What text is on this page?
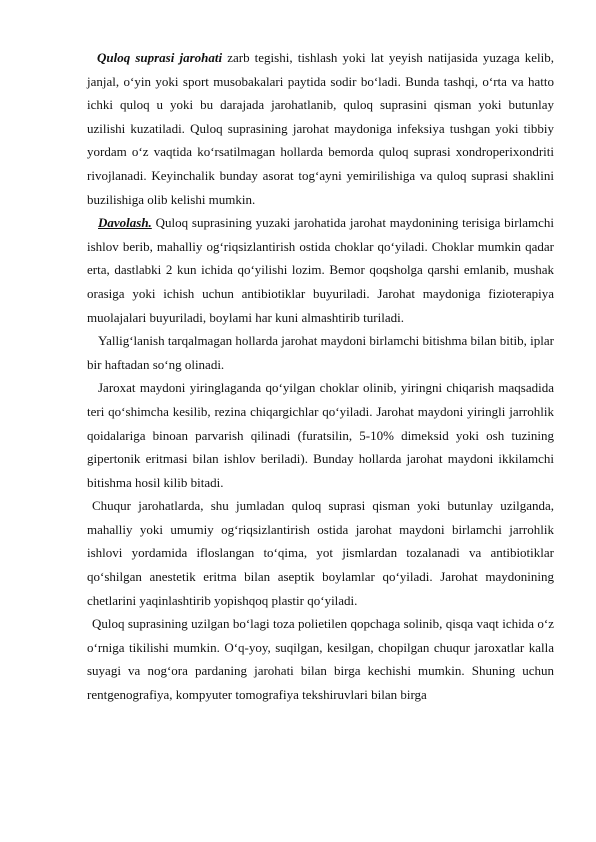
Quloq suprasi jarohati zarb tegishi, tishlash yoki lat yeyish natijasida yuzaga kelib, janjal, o‘yin yoki sport musobakalari paytida sodir bo‘ladi. Bunda tashqi, o‘rta va hatto ichki quloq u yoki bu darajada jarohatlanib, quloq suprasini qisman yoki butunlay uzilishi kuzatiladi. Quloq suprasining jarohat maydoniga infeksiya tushgan yoki tibbiy yordam o‘z vaqtida ko‘rsatilmagan hollarda bemorda quloq suprasi xondroperixondriti rivojlanadi. Keyinchalik bunday asorat tog‘ayni yemirilishiga va quloq suprasi shaklini buzilishiga olib kelishi mumkin.

Davolash. Quloq suprasining yuzaki jarohatida jarohat maydonining terisiga birlamchi ishlov berib, mahalliy og‘riqsizlantirish ostida choklar qo‘yiladi. Choklar mumkin qadar erta, dastlabki 2 kun ichida qo‘yilishi lozim. Bemor qoqsholga qarshi emlanib, mushak orasiga yoki ichish uchun antibiotiklar buyuriladi. Jarohat maydoniga fizioterapiya muolajalari buyuriladi, boylami har kuni almashtirib turiladi.

Yallig‘lanish tarqalmagan hollarda jarohat maydoni birlamchi bitishma bilan bitib, iplar bir haftadan so‘ng olinadi.

Jaroxat maydoni yiringlaganda qo‘yilgan choklar olinib, yiringni chiqarish maqsadida teri qo‘shimcha kesilib, rezina chiqargichlar qo‘yiladi. Jarohat maydoni yiringli jarrohlik qoidalariga binoan parvarish qilinadi (furatsilin, 5-10% dimeksid yoki osh tuzining gipertonik eritmasi bilan ishlov beriladi). Bunday hollarda jarohat maydoni ikkilamchi bitishma hosil kilib bitadi.

Chuqur jarohatlarda, shu jumladan quloq suprasi qisman yoki butunlay uzilganda, mahalliy yoki umumiy og‘riqsizlantirish ostida jarohat maydoni birlamchi jarrohlik ishlovi yordamida ifloslangan to‘qima, yot jismlardan tozalanadi va antibiotiklar qo‘shilgan anestetik eritma bilan aseptik boylamlar qo‘yiladi. Jarohat maydonining chetlarini yaqinlashtirib yopishqoq plastir qo‘yiladi.

Quloq suprasining uzilgan bo‘lagi toza polietilen qopchaga solinib, qisqa vaqt ichida o‘z o‘rniga tikilishi mumkin. O‘q-yoy, suqilgan, kesilgan, chopilgan chuqur jaroxatlar kalla suyagi va nog‘ora pardaning jarohati bilan birga kechishi mumkin. Shuning uchun rentgenografiya, kompyuter tomografiya tekshiruvlari bilan birga
